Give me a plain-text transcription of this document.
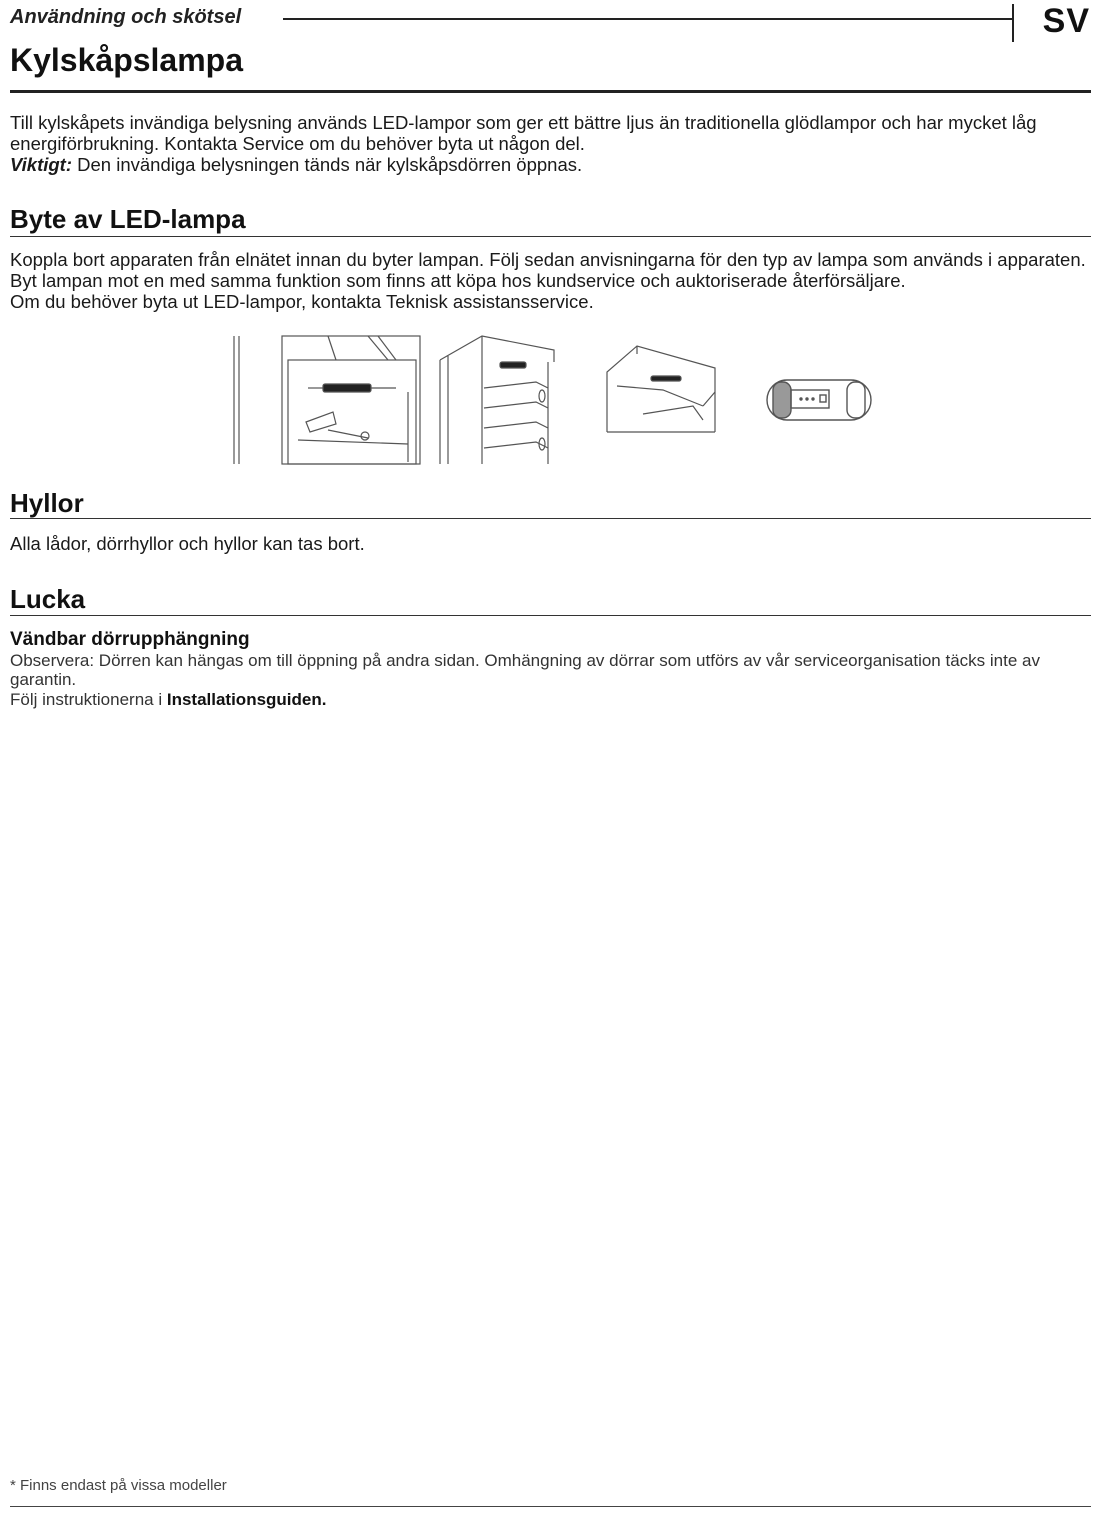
Användning och skötsel	SV
Kylskåpslampa
Till kylskåpets invändiga belysning används LED-lampor som ger ett bättre ljus än traditionella glödlampor och har mycket låg energiförbrukning. Kontakta Service om du behöver byta ut någon del.
Viktigt: Den invändiga belysningen tänds när kylskåpsdörren öppnas.
Byte av LED-lampa
Koppla bort apparaten från elnätet innan du byter lampan. Följ sedan anvisningarna för den typ av lampa som används i apparaten. Byt lampan mot en med samma funktion som finns att köpa hos kundservice och auktoriserade återförsäljare.
Om du behöver byta ut LED-lampor, kontakta Teknisk assistansservice.
Hyllor
Alla lådor, dörrhyllor och hyllor kan tas bort.
Lucka
Vändbar dörrupphängning
Observera: Dörren kan hängas om till öppning på andra sidan. Omhängning av dörrar som utförs av vår serviceorganisation täcks inte av garantin.
Följ instruktionerna i Installationsguiden.
* Finns endast på vissa modeller
